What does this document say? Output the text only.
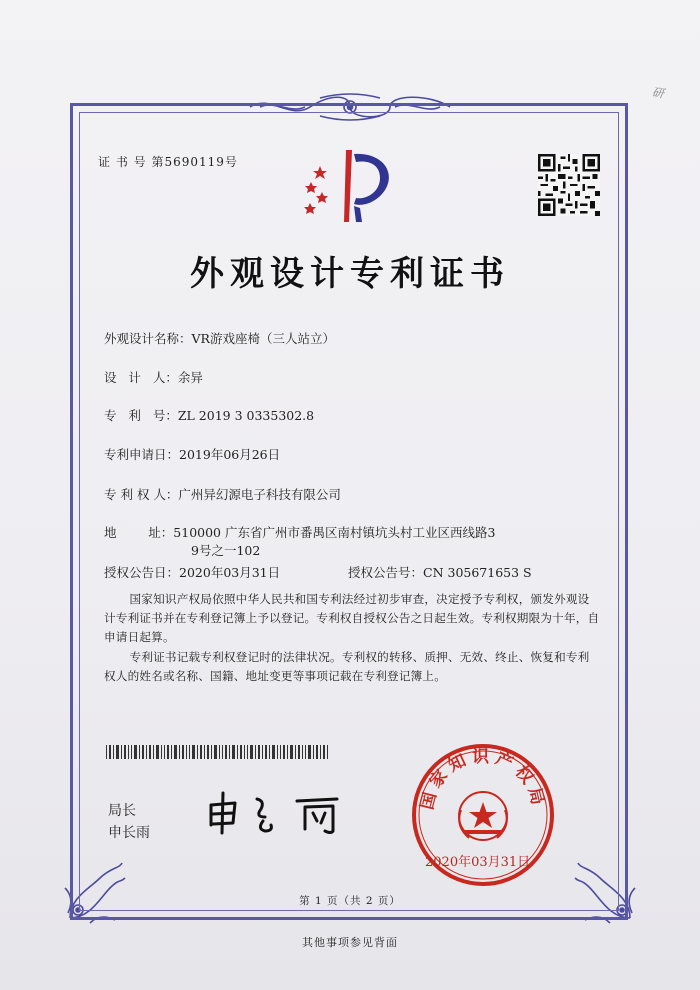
研
证 书 号 第5690119号
外观设计专利证书
外观设计名称：VR游戏座椅（三人站立）
设   计   人：余异
专   利   号：ZL 2019 3 0335302.8
专利申请日：2019年06月26日
专 利 权 人：广州异幻源电子科技有限公司
地        址：510000 广东省广州市番禺区南村镇坑头村工业区西线路3
9号之一102
授权公告日：2020年03月31日	授权公告号：CN 305671653 S
国家知识产权局依照中华人民共和国专利法经过初步审查，决定授予专利权，颁发外观设计专利证书并在专利登记簿上予以登记。专利权自授权公告之日起生效。专利权期限为十年，自申请日起算。
专利证书记载专利权登记时的法律状况。专利权的转移、质押、无效、终止、恢复和专利权人的姓名或名称、国籍、地址变更等事项记载在专利登记簿上。
局长
申长雨
国家知识产权局
2020年03月31日
第 1 页（共 2 页）
其他事项参见背面
